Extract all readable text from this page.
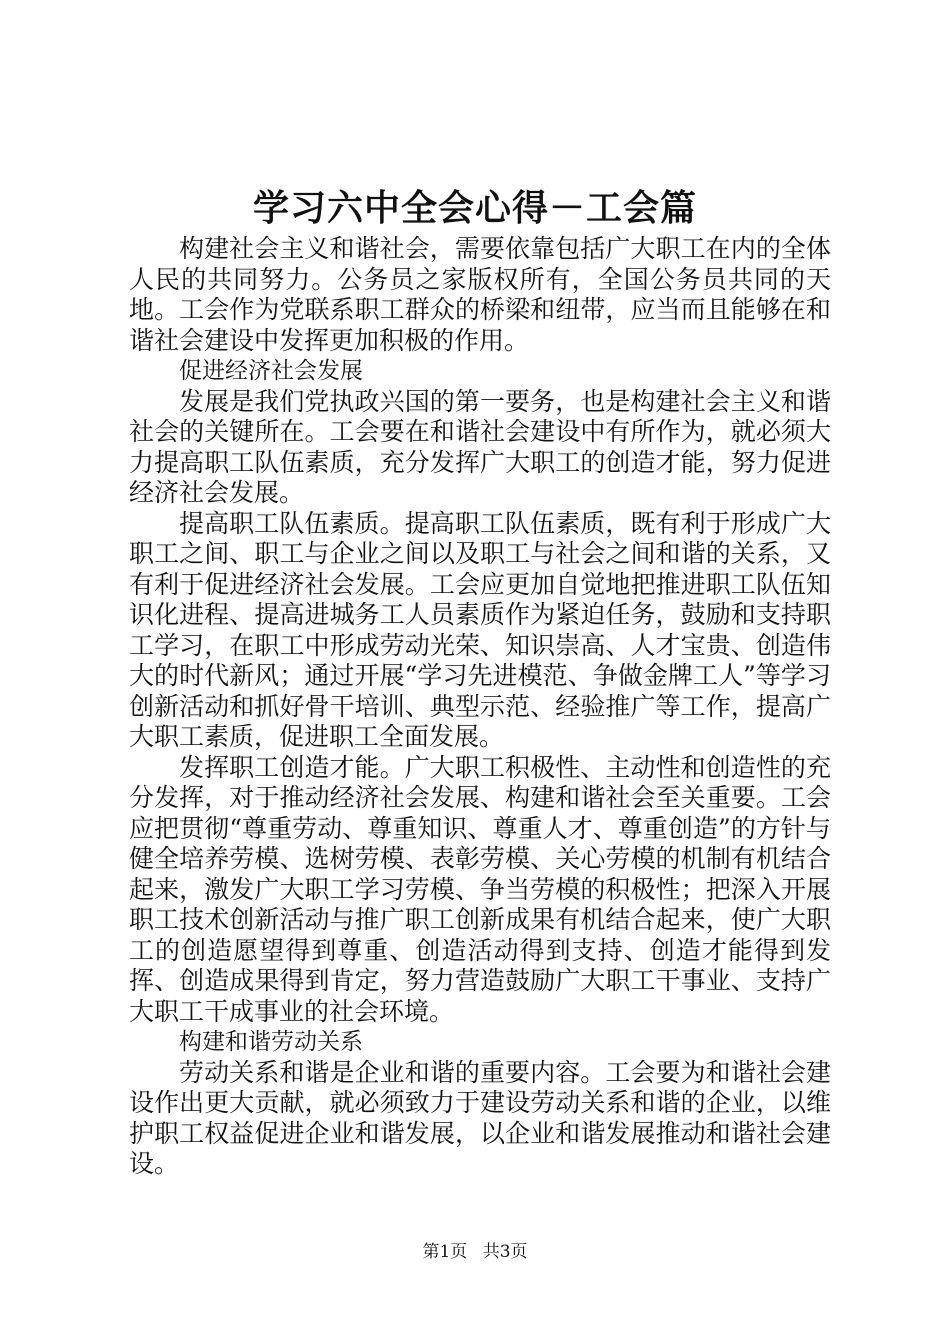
学习六中全会心得－工会篇

构建社会主义和谐社会，需要依靠包括广大职工在内的全体人民的共同努力。公务员之家版权所有，全国公务员共同的天地。工会作为党联系职工群众的桥梁和纽带，应当而且能够在和谐社会建设中发挥更加积极的作用。

促进经济社会发展

发展是我们党执政兴国的第一要务，也是构建社会主义和谐社会的关键所在。工会要在和谐社会建设中有所作为，就必须大力提高职工队伍素质，充分发挥广大职工的创造才能，努力促进经济社会发展。

提高职工队伍素质。提高职工队伍素质，既有利于形成广大职工之间、职工与企业之间以及职工与社会之间和谐的关系，又有利于促进经济社会发展。工会应更加自觉地把推进职工队伍知识化进程、提高进城务工人员素质作为紧迫任务，鼓励和支持职工学习，在职工中形成劳动光荣、知识崇高、人才宝贵、创造伟大的时代新风；通过开展“学习先进模范、争做金牌工人”等学习创新活动和抓好骨干培训、典型示范、经验推广等工作，提高广大职工素质，促进职工全面发展。

发挥职工创造才能。广大职工积极性、主动性和创造性的充分发挥，对于推动经济社会发展、构建和谐社会至关重要。工会应把贯彻“尊重劳动、尊重知识、尊重人才、尊重创造”的方针与健全培养劳模、选树劳模、表彰劳模、关心劳模的机制有机结合起来，激发广大职工学习劳模、争当劳模的积极性；把深入开展职工技术创新活动与推广职工创新成果有机结合起来，使广大职工的创造愿望得到尊重、创造活动得到支持、创造才能得到发挥、创造成果得到肯定，努力营造鼓励广大职工干事业、支持广大职工干成事业的社会环境。

构建和谐劳动关系

劳动关系和谐是企业和谐的重要内容。工会要为和谐社会建设作出更大贡献，就必须致力于建设劳动关系和谐的企业，以维护职工权益促进企业和谐发展，以企业和谐发展推动和谐社会建设。

第1页 共3页
